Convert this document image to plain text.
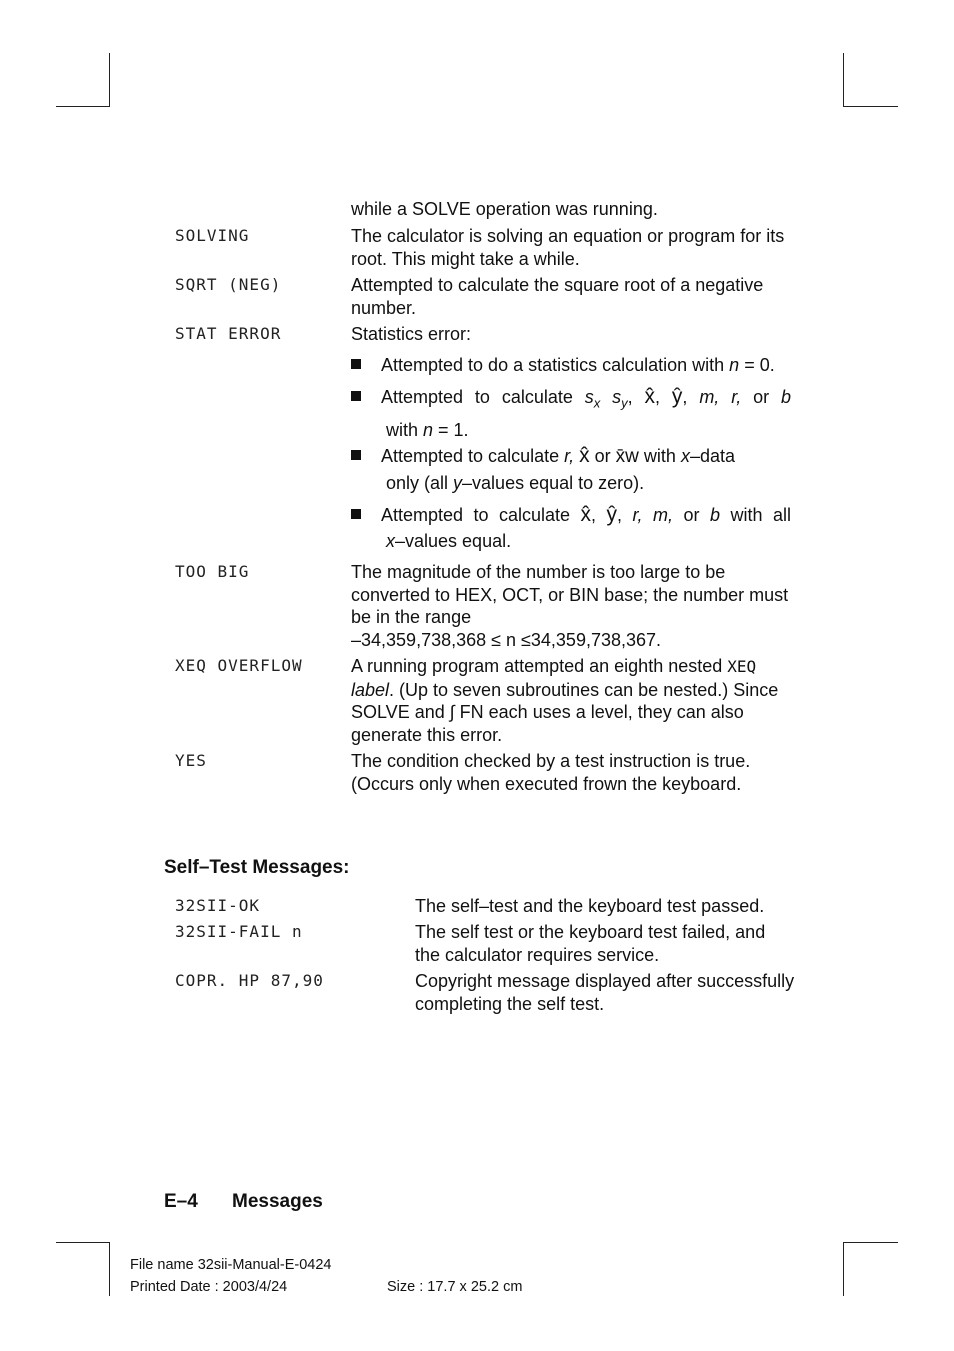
while a SOLVE operation was running.
SOLVING	The calculator is solving an equation or program for its root. This might take a while.
SQRT (NEG)	Attempted to calculate the square root of a negative number.
STAT ERROR	Statistics error:
Attempted to do a statistics calculation with n = 0.
Attempted to calculate $s_x$ $s_y$, x̂, ŷ, m, r, or b
with n = 1.
Attempted to calculate r, x̂ or x̄w with x–data
only (all y–values equal to zero).
Attempted to calculate x̂, ŷ, r, m, or b with all
x–values equal.
TOO BIG	The magnitude of the number is too large to be converted to HEX, OCT, or BIN base; the number must be in the range
–34,359,738,368 ≤ n ≤34,359,738,367.
XEQ OVERFLOW	A running program attempted an eighth nested XEQ label. (Up to seven subroutines can be nested.) Since SOLVE and ∫ FN each uses a level, they can also generate this error.
YES	The condition checked by a test instruction is true. (Occurs only when executed frown the keyboard.
Self–Test Messages:
32SII-OK	The self–test and the keyboard test passed.
32SII-FAIL n	The self test or the keyboard test failed, and the calculator requires service.
COPR. HP 87,90	Copyright message displayed after successfully completing the self test.
E–4 Messages
File name 32sii-Manual-E-0424
Printed Date : 2003/4/24	Size : 17.7 x 25.2 cm
